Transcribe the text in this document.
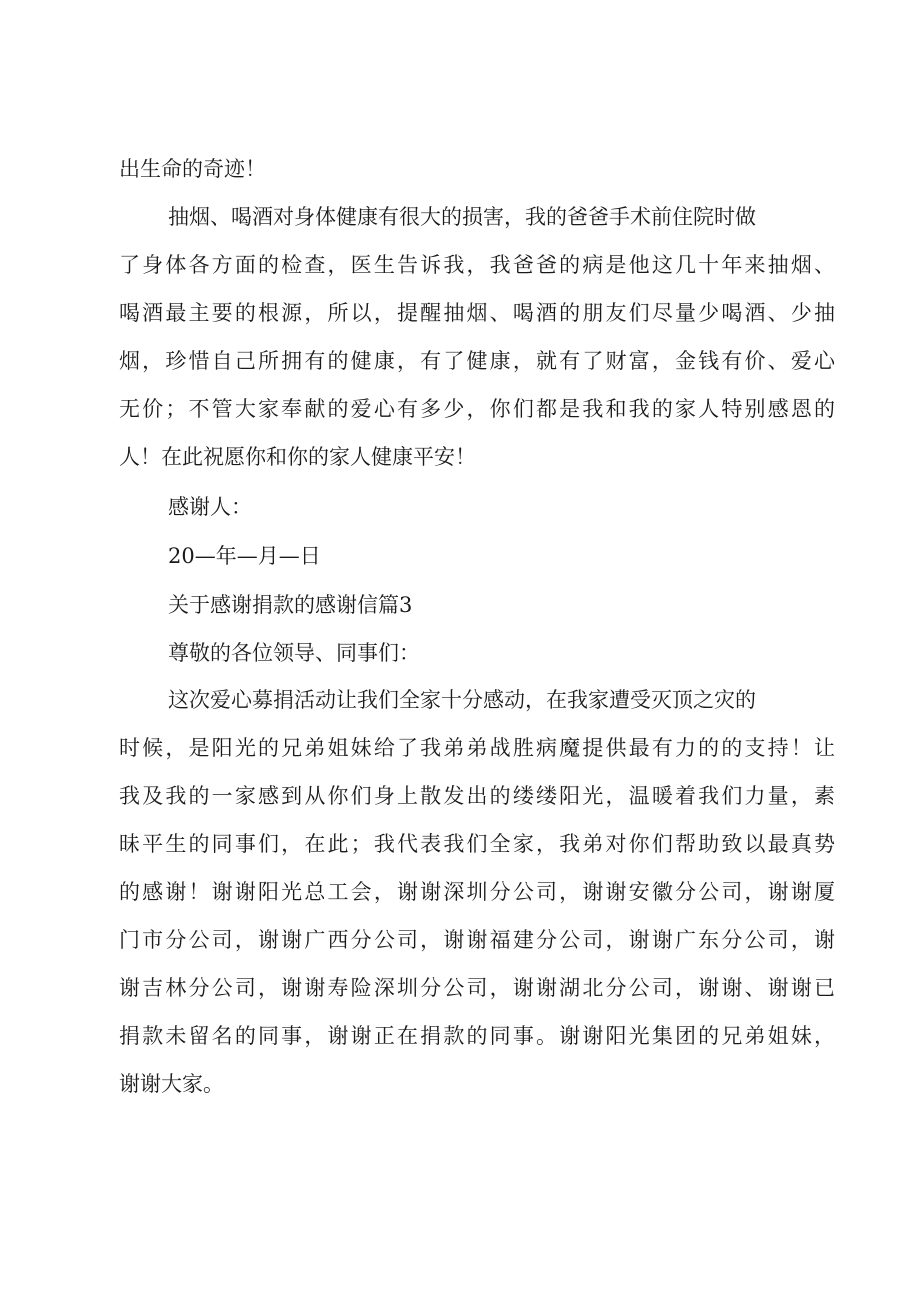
出生命的奇迹！
抽烟、喝酒对身体健康有很大的损害，我的爸爸手术前住院时做
了身体各方面的检查，医生告诉我，我爸爸的病是他这几十年来抽烟、
喝酒最主要的根源，所以，提醒抽烟、喝酒的朋友们尽量少喝酒、少抽
烟，珍惜自己所拥有的健康，有了健康，就有了财富，金钱有价、爱心
无价；不管大家奉献的爱心有多少，你们都是我和我的家人特别感恩的
人！在此祝愿你和你的家人健康平安！
感谢人：
20—年—月—日
关于感谢捐款的感谢信篇3
尊敬的各位领导、同事们：
这次爱心募捐活动让我们全家十分感动，在我家遭受灭顶之灾的
时候，是阳光的兄弟姐妹给了我弟弟战胜病魔提供最有力的的支持！让
我及我的一家感到从你们身上散发出的缕缕阳光，温暖着我们力量，素
昧平生的同事们，在此；我代表我们全家，我弟对你们帮助致以最真势
的感谢！谢谢阳光总工会，谢谢深圳分公司，谢谢安徽分公司，谢谢厦
门市分公司，谢谢广西分公司，谢谢福建分公司，谢谢广东分公司，谢
谢吉林分公司，谢谢寿险深圳分公司，谢谢湖北分公司，谢谢、谢谢已
捐款未留名的同事，谢谢正在捐款的同事。谢谢阳光集团的兄弟姐妹，
谢谢大家。
